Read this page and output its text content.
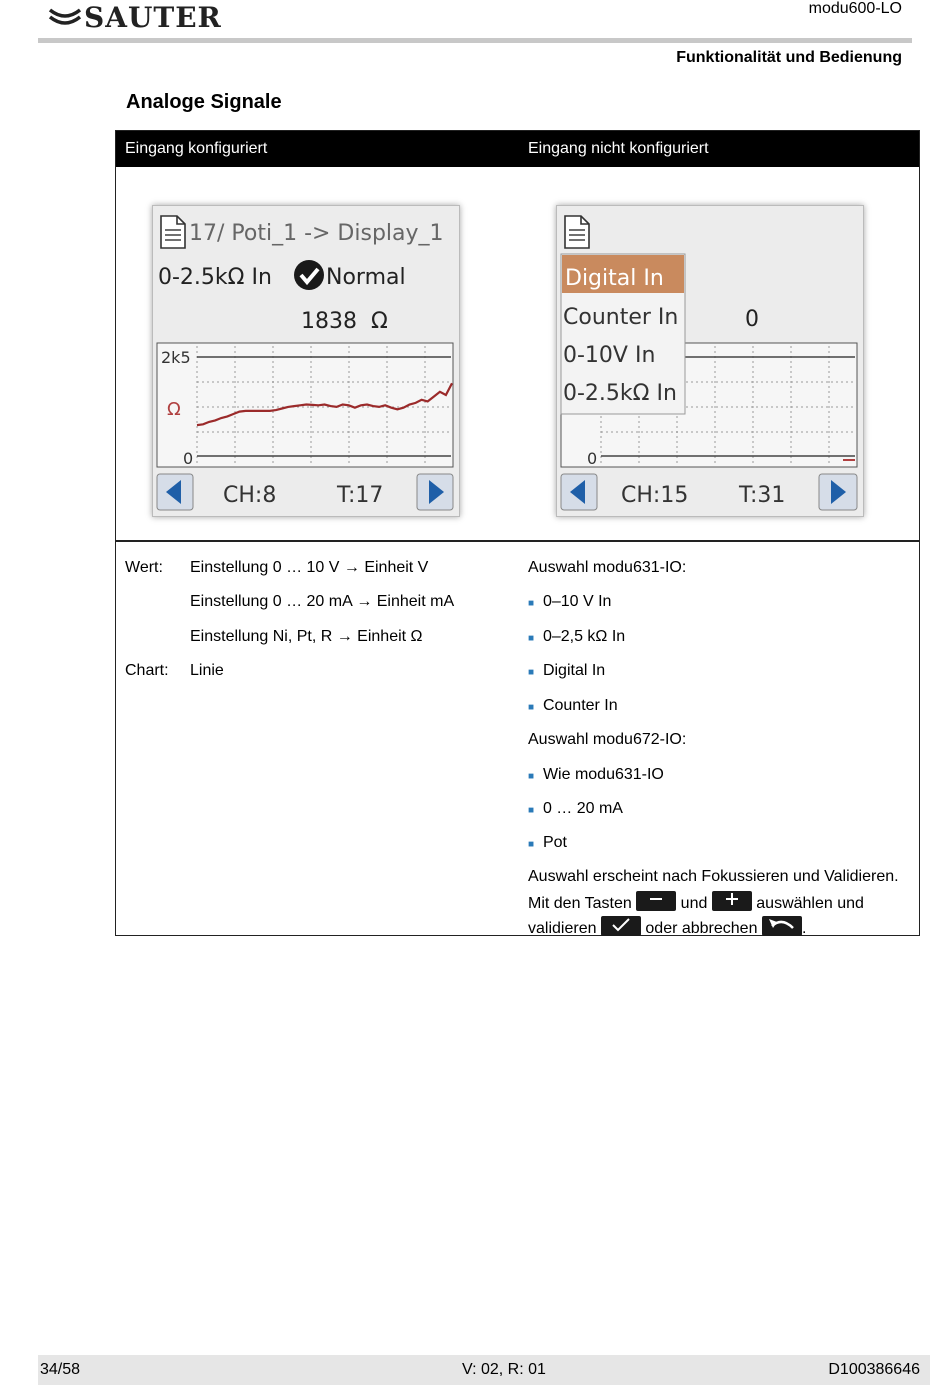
SAUTER	modu600-LO
Funktionalität und Bedienung
Analoge Signale
Eingang konfiguriert	Eingang nicht konfiguriert
17/ Poti_1 -> Display_1
0-2.5kΩ In Normal
1838 Ω
2k5
Ω
0
CH:8	T:17
0
0
Digital In
Counter In
0-10V In
0-2.5kΩ In
CH:15 T:31
Wert: Einstellung 0 … 10 V → Einheit V
Einstellung 0 … 20 mA → Einheit mA
Einstellung Ni, Pt, R → Einheit Ω
Chart: Linie
Auswahl modu631-IO:
■ 0–10 V In
■ 0–2,5 kΩ In
■ Digital In
■ Counter In
Auswahl modu672-IO:
■ Wie modu631-IO
■ 0 … 20 mA
■ Pot
Auswahl erscheint nach Fokussieren und Validieren.
Mit den Tasten	und	auswählen und
validieren	oder abbrechen	.
34/58	V: 02, R: 01	D100386646
